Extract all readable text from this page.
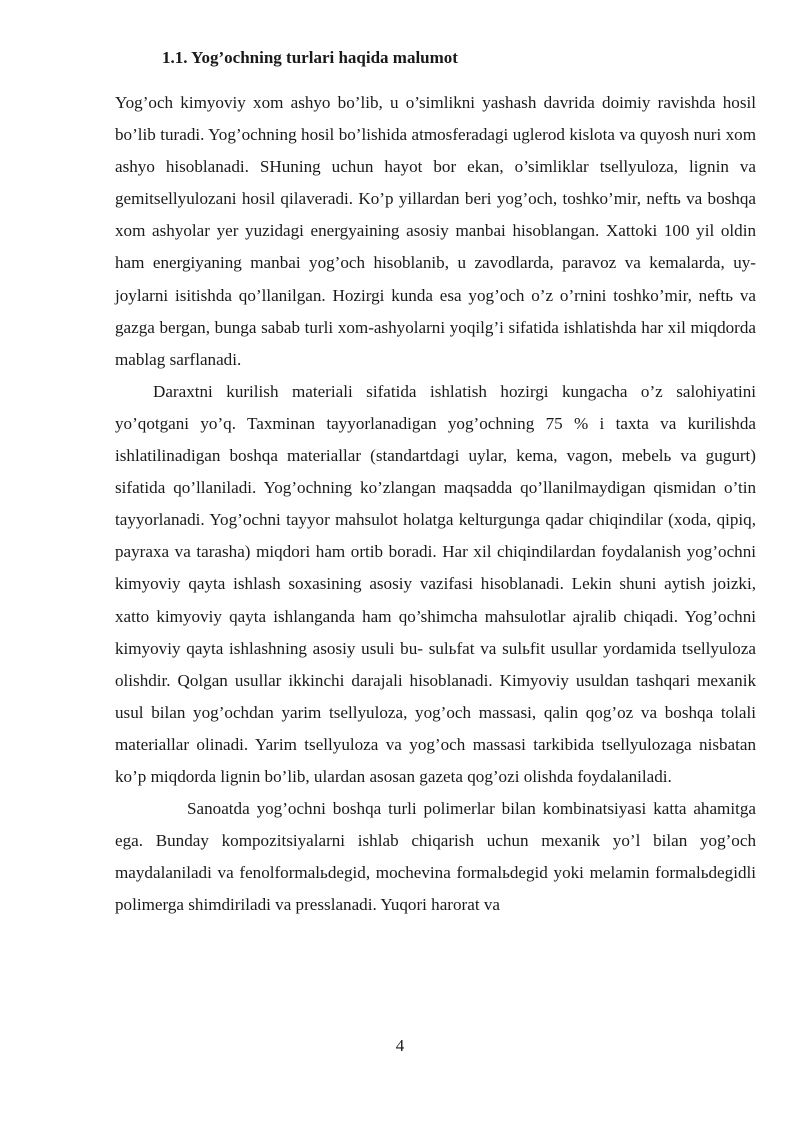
1.1. Yog’ochning turlari haqida malumot

Yog’och kimyoviy xom ashyo bo’lib, u o’simlikni yashash davrida doimiy ravishda hosil bo’lib turadi. Yog’ochning hosil bo’lishida atmosferadagi uglerod kislota va quyosh nuri xom ashyo hisoblanadi. SHuning uchun hayot bor ekan, o’simliklar tsellyuloza, lignin va gemitsellyulozani hosil qilaveradi. Ko’p yillardan beri yog’och, toshko’mir, neftь va boshqa xom ashyolar yer yuzidagi energyaining asosiy manbai hisoblangan. Xattoki 100 yil oldin ham energiyaning manbai yog’och hisoblanib, u zavodlarda, paravoz va kemalarda, uy-joylarni isitishda qo’llanilgan. Hozirgi kunda esa yog’och o’z o’rnini toshko’mir, neftь va gazga bergan, bunga sabab turli xom-ashyolarni yoqilg’i sifatida ishlatishda har xil miqdorda mablag sarflanadi.

Daraxtni kurilish materiali sifatida ishlatish hozirgi kungacha o’z salohiyatini yo’qotgani yo’q. Taxminan tayyorlanadigan yog’ochning 75 % i taxta va kurilishda ishlatilinadigan boshqa materiallar (standartdagi uylar, kema, vagon, mebelь va gugurt) sifatida qo’llaniladi. Yog’ochning ko’zlangan maqsadda qo’llanilmaydigan qismidan o’tin tayyorlanadi. Yog’ochni tayyor mahsulot holatga kelturgunga qadar chiqindilar (xoda, qipiq, payraxa va tarasha) miqdori ham ortib boradi. Har xil chiqindilardan foydalanish yog’ochni kimyoviy qayta ishlash soxasining asosiy vazifasi hisoblanadi. Lekin shuni aytish joizki, xatto kimyoviy qayta ishlanganda ham qo’shimcha mahsulotlar ajralib chiqadi. Yog’ochni kimyoviy qayta ishlashning asosiy usuli bu- sulьfat va sulьfit usullar yordamida tsellyuloza olishdir. Qolgan usullar ikkinchi darajali hisoblanadi. Kimyoviy usuldan tashqari mexanik usul bilan yog’ochdan yarim tsellyuloza, yog’och massasi, qalin qog’oz va boshqa tolali materiallar olinadi. Yarim tsellyuloza va yog’och massasi tarkibida tsellyulozaga nisbatan ko’p miqdorda lignin bo’lib, ulardan asosan gazeta qog’ozi olishda foydalaniladi.

Sanoatda yog’ochni boshqa turli polimerlar bilan kombinatsiyasi katta ahamitga ega. Bunday kompozitsiyalarni ishlab chiqarish uchun mexanik yo’l bilan yog’och maydalaniladi va fenolformalьdegid, mochevina formalьdegid yoki melamin formalьdegidli polimerga shimdiriladi va presslanadi. Yuqori harorat va

4
